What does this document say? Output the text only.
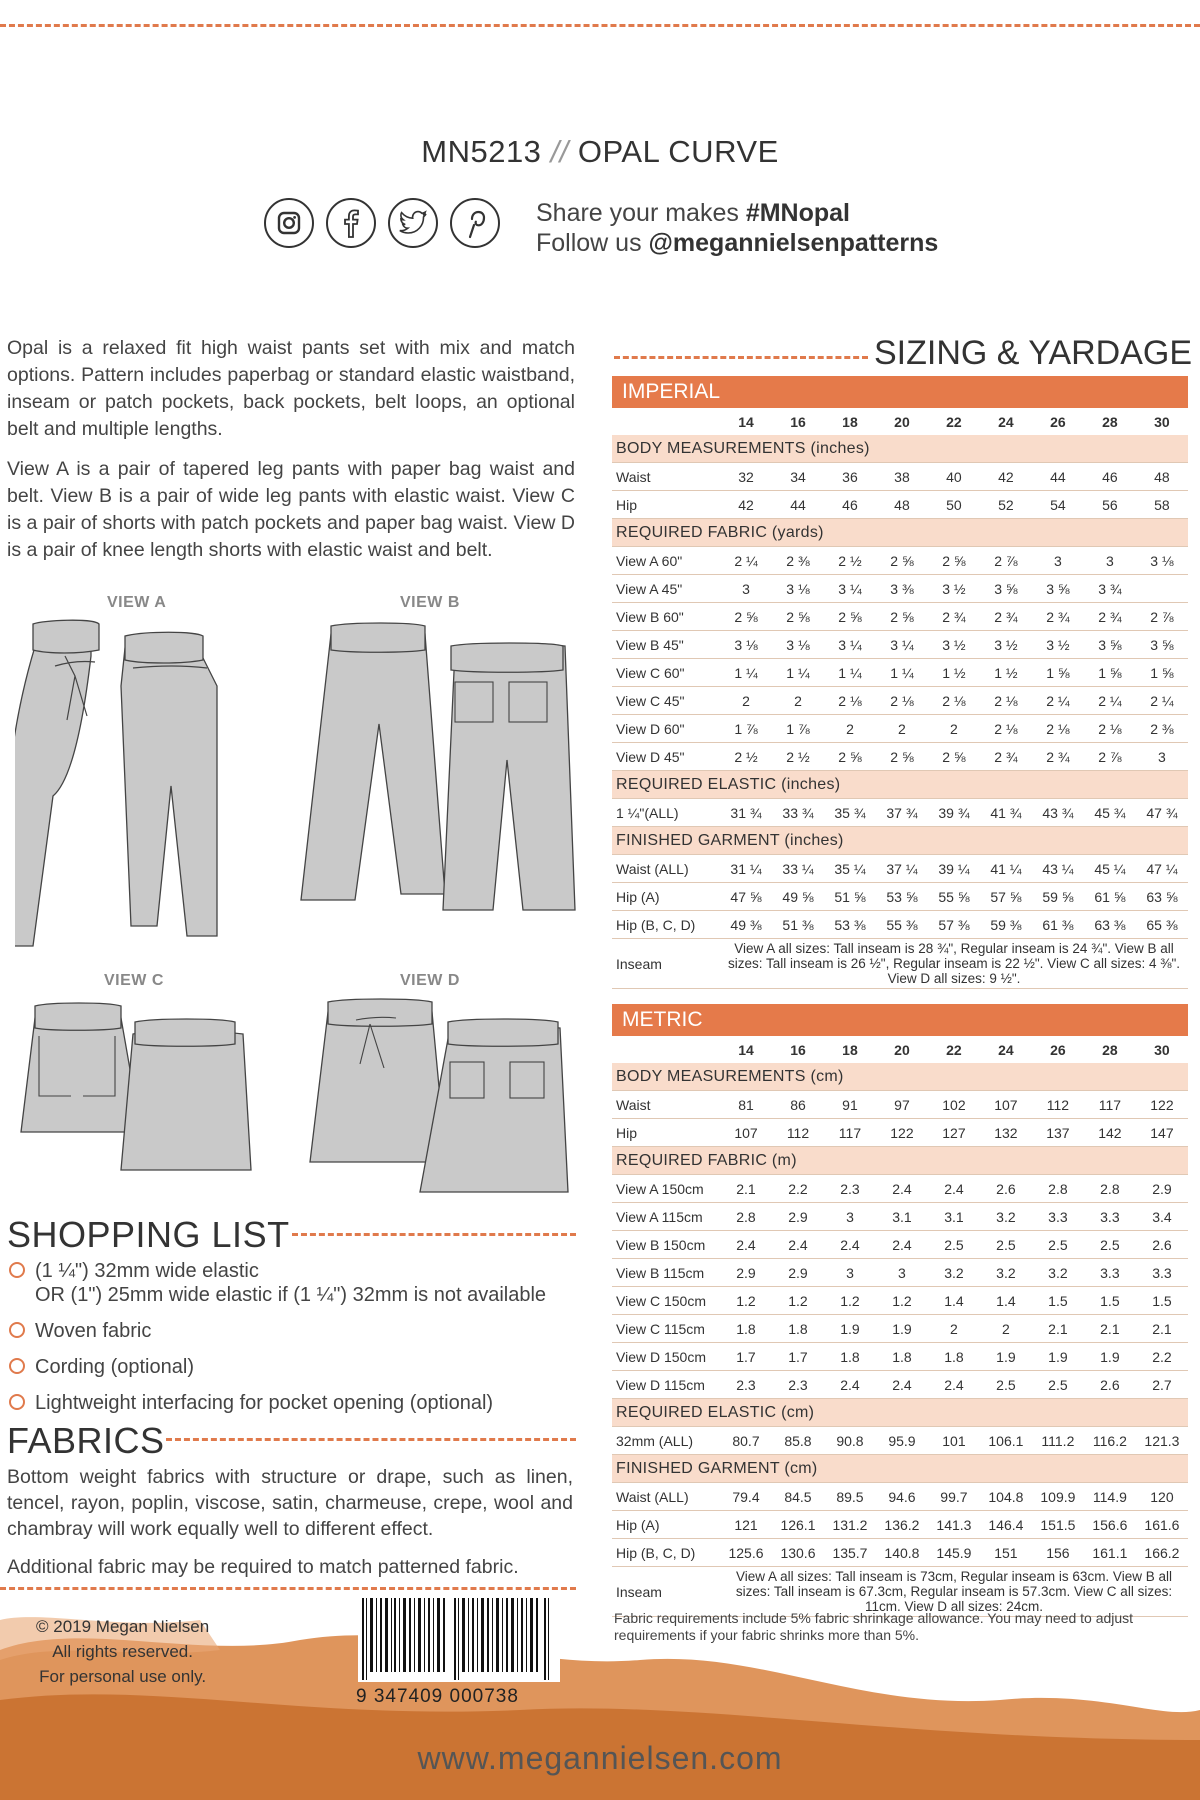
MN5213 // OPAL CURVE
Share your makes #MNopal
Follow us @megannielsenpatterns

Opal is a relaxed fit high waist pants set with mix and match options. Pattern includes paperbag or standard elastic waistband, inseam or patch pockets, back pockets, belt loops, an optional belt and multiple lengths.

View A is a pair of tapered leg pants with paper bag waist and belt. View B is a pair of wide leg pants with elastic waist. View C is a pair of shorts with patch pockets and paper bag waist. View D is a pair of knee length shorts with elastic waist and belt.

VIEW A	VIEW B
VIEW C	VIEW D
SHOPPING LIST
(1 ¼") 32mm wide elastic
OR (1") 25mm wide elastic if (1 ¼") 32mm is not available
Woven fabric
Cording (optional)
Lightweight interfacing for pocket opening (optional)
FABRICS

Bottom weight fabrics with structure or drape, such as linen, tencel, rayon, poplin, viscose, satin, charmeuse, crepe, wool and chambray will work equally well to different effect.

Additional fabric may be required to match patterned fabric.

© 2019 Megan Nielsen
All rights reserved.
For personal use only.
9 347409 000738
www.megannielsen.com
SIZING & YARDAGE
IMPERIAL
	14	16	18	20	22	24	26	28	30
BODY MEASUREMENTS (inches)									
Waist	32	34	36	38	40	42	44	46	48
Hip	42	44	46	48	50	52	54	56	58
REQUIRED FABRIC (yards)									
View A 60"	2 ¼	2 ⅜	2 ½	2 ⅝	2 ⅝	2 ⅞	3	3	3 ⅛
View A 45"	3	3 ⅛	3 ¼	3 ⅜	3 ½	3 ⅝	3 ⅝	3 ¾	
View B 60"	2 ⅝	2 ⅝	2 ⅝	2 ⅝	2 ¾	2 ¾	2 ¾	2 ¾	2 ⅞
View B 45"	3 ⅛	3 ⅛	3 ¼	3 ¼	3 ½	3 ½	3 ½	3 ⅝	3 ⅝
View C 60"	1 ¼	1 ¼	1 ¼	1 ¼	1 ½	1 ½	1 ⅝	1 ⅝	1 ⅝
View C 45"	2	2	2 ⅛	2 ⅛	2 ⅛	2 ⅛	2 ¼	2 ¼	2 ¼
View D 60"	1 ⅞	1 ⅞	2	2	2	2 ⅛	2 ⅛	2 ⅛	2 ⅜
View D 45"	2 ½	2 ½	2 ⅝	2 ⅝	2 ⅝	2 ¾	2 ¾	2 ⅞	3
REQUIRED ELASTIC (inches)									
1 ¼"(ALL)	31 ¾	33 ¾	35 ¾	37 ¾	39 ¾	41 ¾	43 ¾	45 ¾	47 ¾
FINISHED GARMENT (inches)									
Waist (ALL)	31 ¼	33 ¼	35 ¼	37 ¼	39 ¼	41 ¼	43 ¼	45 ¼	47 ¼
Hip (A)	47 ⅝	49 ⅝	51 ⅝	53 ⅝	55 ⅝	57 ⅝	59 ⅝	61 ⅝	63 ⅝
Hip (B, C, D)	49 ⅜	51 ⅜	53 ⅜	55 ⅜	57 ⅜	59 ⅜	61 ⅜	63 ⅜	65 ⅜
Inseam	View A all sizes: Tall inseam is 28 ¾", Regular inseam is 24 ¾". View B all sizes: Tall inseam is 26 ½", Regular inseam is 22 ½". View C all sizes: 4 ⅜". View D all sizes: 9 ½".								
METRIC
	14	16	18	20	22	24	26	28	30
BODY MEASUREMENTS (cm)									
Waist	81	86	91	97	102	107	112	117	122
Hip	107	112	117	122	127	132	137	142	147
REQUIRED FABRIC (m)									
View A 150cm	2.1	2.2	2.3	2.4	2.4	2.6	2.8	2.8	2.9
View A 115cm	2.8	2.9	3	3.1	3.1	3.2	3.3	3.3	3.4
View B 150cm	2.4	2.4	2.4	2.4	2.5	2.5	2.5	2.5	2.6
View B 115cm	2.9	2.9	3	3	3.2	3.2	3.2	3.3	3.3
View C 150cm	1.2	1.2	1.2	1.2	1.4	1.4	1.5	1.5	1.5
View C 115cm	1.8	1.8	1.9	1.9	2	2	2.1	2.1	2.1
View D 150cm	1.7	1.7	1.8	1.8	1.8	1.9	1.9	1.9	2.2
View D 115cm	2.3	2.3	2.4	2.4	2.4	2.5	2.5	2.6	2.7
REQUIRED ELASTIC (cm)									
32mm (ALL)	80.7	85.8	90.8	95.9	101	106.1	111.2	116.2	121.3
FINISHED GARMENT (cm)									
Waist (ALL)	79.4	84.5	89.5	94.6	99.7	104.8	109.9	114.9	120
Hip (A)	121	126.1	131.2	136.2	141.3	146.4	151.5	156.6	161.6
Hip (B, C, D)	125.6	130.6	135.7	140.8	145.9	151	156	161.1	166.2
Inseam	View A all sizes: Tall inseam is 73cm, Regular inseam is 63cm. View B all sizes: Tall inseam is 67.3cm, Regular inseam is 57.3cm. View C all sizes: 11cm. View D all sizes: 24cm.								
Fabric requirements include 5% fabric shrinkage allowance. You may need to adjust requirements if your fabric shrinks more than 5%.
